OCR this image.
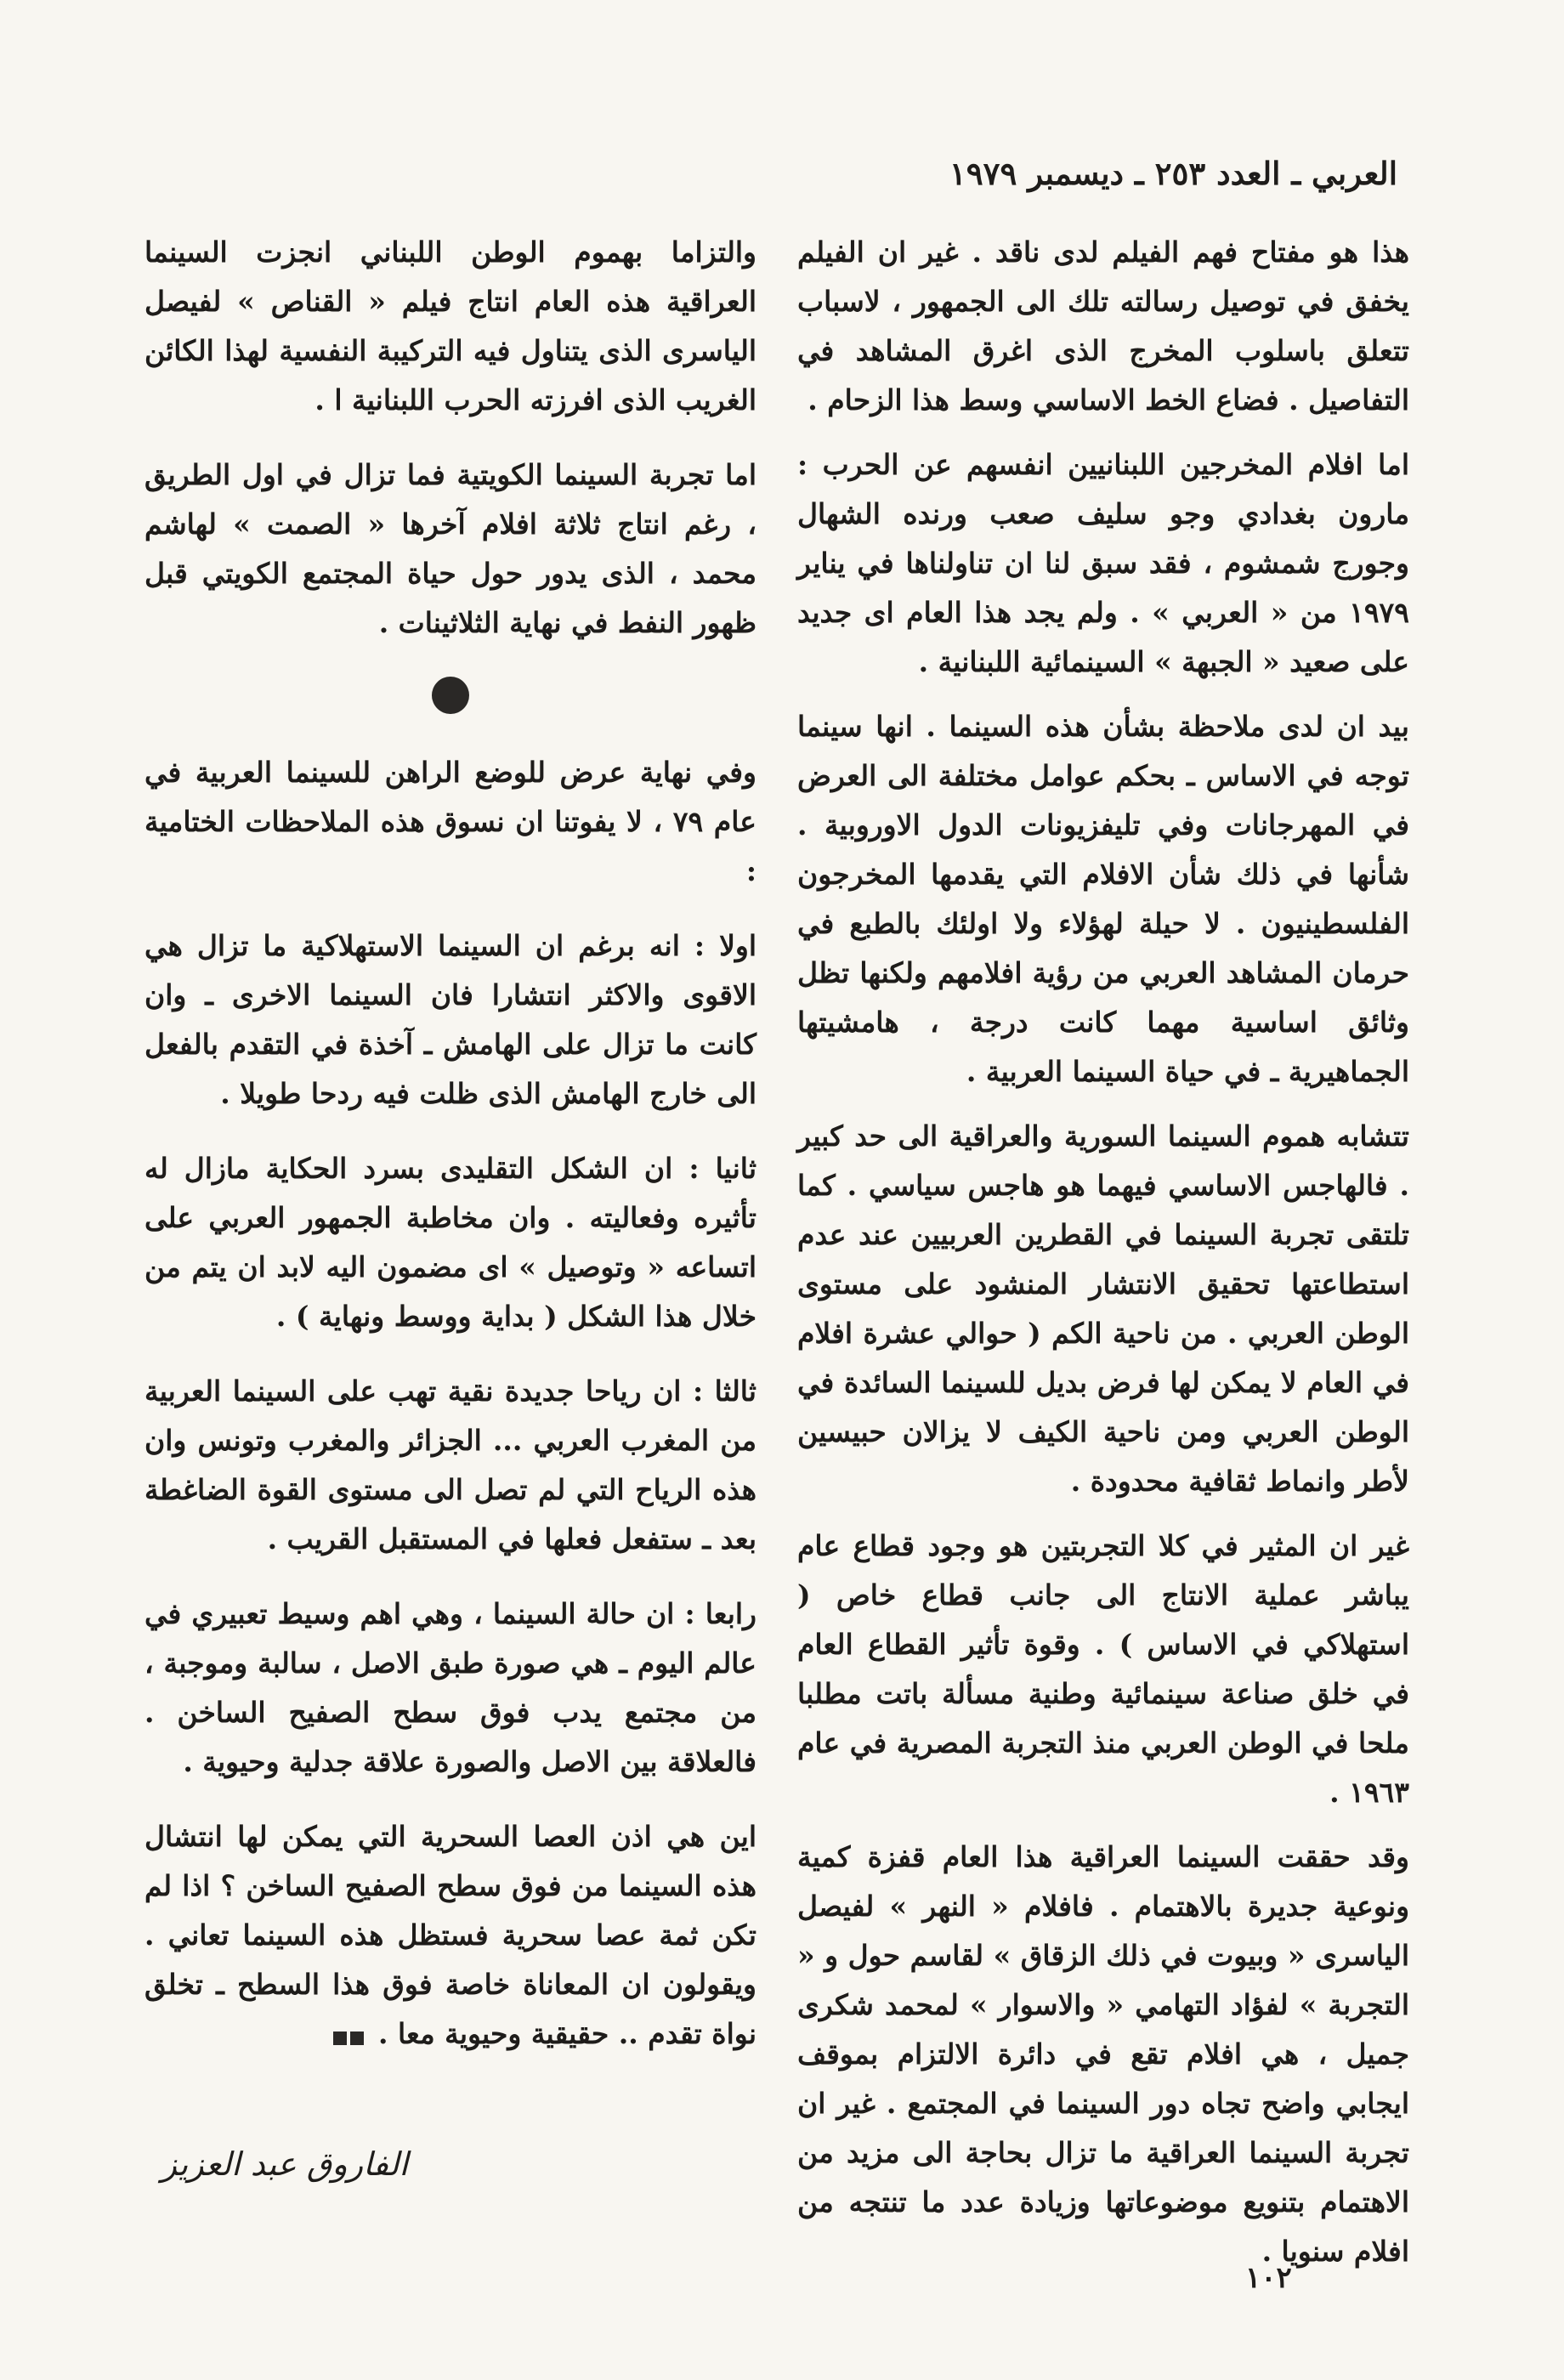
العربي ـ العدد ٢٥٣ ـ ديسمبر ١٩٧٩

هذا هو مفتاح فهم الفيلم لدى ناقد . غير ان الفيلم يخفق في توصيل رسالته تلك الى الجمهور ، لاسباب تتعلق باسلوب المخرج الذى اغرق المشاهد في التفاصيل . فضاع الخط الاساسي وسط هذا الزحام .

اما افلام المخرجين اللبنانيين انفسهم عن الحرب : مارون بغدادي وجو سليف صعب ورنده الشهال وجورج شمشوم ، فقد سبق لنا ان تناولناها في يناير ١٩٧٩ من « العربي » . ولم يجد هذا العام اى جديد على صعيد « الجبهة » السينمائية اللبنانية .

بيد ان لدى ملاحظة بشأن هذه السينما . انها سينما توجه في الاساس ـ بحكم عوامل مختلفة الى العرض في المهرجانات وفي تليفزيونات الدول الاوروبية . شأنها في ذلك شأن الافلام التي يقدمها المخرجون الفلسطينيون . لا حيلة لهؤلاء ولا اولئك بالطبع في حرمان المشاهد العربي من رؤية افلامهم ولكنها تظل وثائق اساسية مهما كانت درجة ، هامشيتها الجماهيرية ـ في حياة السينما العربية .

تتشابه هموم السينما السورية والعراقية الى حد كبير . فالهاجس الاساسي فيهما هو هاجس سياسي . كما تلتقى تجربة السينما في القطرين العربيين عند عدم استطاعتها تحقيق الانتشار المنشود على مستوى الوطن العربي . من ناحية الكم ( حوالي عشرة افلام في العام لا يمكن لها فرض بديل للسينما السائدة في الوطن العربي ومن ناحية الكيف لا يزالان حبيسين لأطر وانماط ثقافية محدودة .

غير ان المثير في كلا التجربتين هو وجود قطاع عام يباشر عملية الانتاج الى جانب قطاع خاص ( استهلاكي في الاساس ) . وقوة تأثير القطاع العام في خلق صناعة سينمائية وطنية مسألة باتت مطلبا ملحا في الوطن العربي منذ التجربة المصرية في عام ١٩٦٣ .

وقد حققت السينما العراقية هذا العام قفزة كمية ونوعية جديرة بالاهتمام . فافلام « النهر » لفيصل الياسرى « وبيوت في ذلك الزقاق » لقاسم حول و « التجربة » لفؤاد التهامي « والاسوار » لمحمد شكرى جميل ، هي افلام تقع في دائرة الالتزام بموقف ايجابي واضح تجاه دور السينما في المجتمع . غير ان تجربة السينما العراقية ما تزال بحاجة الى مزيد من الاهتمام بتنويع موضوعاتها وزيادة عدد ما تنتجه من افلام سنويا .

والتزاما بهموم الوطن اللبناني انجزت السينما العراقية هذه العام انتاج فيلم « القناص » لفيصل الياسرى الذى يتناول فيه التركيبة النفسية لهذا الكائن الغريب الذى افرزته الحرب اللبنانية ا .

اما تجربة السينما الكويتية فما تزال في اول الطريق ، رغم انتاج ثلاثة افلام آخرها « الصمت » لهاشم محمد ، الذى يدور حول حياة المجتمع الكويتي قبل ظهور النفط في نهاية الثلاثينات .

وفي نهاية عرض للوضع الراهن للسينما العربية في عام ٧٩ ، لا يفوتنا ان نسوق هذه الملاحظات الختامية :

اولا : انه برغم ان السينما الاستهلاكية ما تزال هي الاقوى والاكثر انتشارا فان السينما الاخرى ـ وان كانت ما تزال على الهامش ـ آخذة في التقدم بالفعل الى خارج الهامش الذى ظلت فيه ردحا طويلا .

ثانيا : ان الشكل التقليدى بسرد الحكاية مازال له تأثيره وفعاليته . وان مخاطبة الجمهور العربي على اتساعه « وتوصيل » اى مضمون اليه لابد ان يتم من خلال هذا الشكل ( بداية ووسط ونهاية ) .

ثالثا : ان رياحا جديدة نقية تهب على السينما العربية من المغرب العربي ... الجزائر والمغرب وتونس وان هذه الرياح التي لم تصل الى مستوى القوة الضاغطة بعد ـ ستفعل فعلها في المستقبل القريب .

رابعا : ان حالة السينما ، وهي اهم وسيط تعبيري في عالم اليوم ـ هي صورة طبق الاصل ، سالبة وموجبة ، من مجتمع يدب فوق سطح الصفيح الساخن . فالعلاقة بين الاصل والصورة علاقة جدلية وحيوية .

اين هي اذن العصا السحرية التي يمكن لها انتشال هذه السينما من فوق سطح الصفيح الساخن ؟ اذا لم تكن ثمة عصا سحرية فستظل هذه السينما تعاني . ويقولون ان المعاناة خاصة فوق هذا السطح ـ تخلق نواة تقدم .. حقيقية وحيوية معا .

الفاروق عبد العزيز
١٠٢
